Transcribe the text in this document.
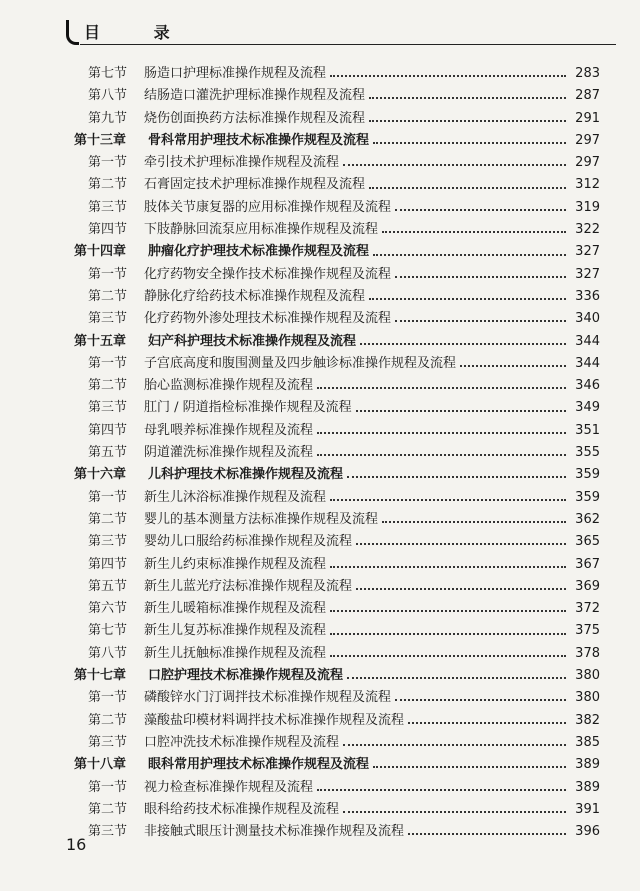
目 录
第七节	肠造口护理标准操作规程及流程	283
第八节	结肠造口灌洗护理标准操作规程及流程	287
第九节	烧伤创面换药方法标准操作规程及流程	291
第十三章	骨科常用护理技术标准操作规程及流程	297
第一节	牵引技术护理标准操作规程及流程	297
第二节	石膏固定技术护理标准操作规程及流程	312
第三节	肢体关节康复器的应用标准操作规程及流程	319
第四节	下肢静脉回流泵应用标准操作规程及流程	322
第十四章	肿瘤化疗护理技术标准操作规程及流程	327
第一节	化疗药物安全操作技术标准操作规程及流程	327
第二节	静脉化疗给药技术标准操作规程及流程	336
第三节	化疗药物外渗处理技术标准操作规程及流程	340
第十五章	妇产科护理技术标准操作规程及流程	344
第一节	子宫底高度和腹围测量及四步触诊标准操作规程及流程	344
第二节	胎心监测标准操作规程及流程	346
第三节	肛门 / 阴道指检标准操作规程及流程	349
第四节	母乳喂养标准操作规程及流程	351
第五节	阴道灌洗标准操作规程及流程	355
第十六章	儿科护理技术标准操作规程及流程	359
第一节	新生儿沐浴标准操作规程及流程	359
第二节	婴儿的基本测量方法标准操作规程及流程	362
第三节	婴幼儿口服给药标准操作规程及流程	365
第四节	新生儿约束标准操作规程及流程	367
第五节	新生儿蓝光疗法标准操作规程及流程	369
第六节	新生儿暖箱标准操作规程及流程	372
第七节	新生儿复苏标准操作规程及流程	375
第八节	新生儿抚触标准操作规程及流程	378
第十七章	口腔护理技术标准操作规程及流程	380
第一节	磷酸锌水门汀调拌技术标准操作规程及流程	380
第二节	藻酸盐印模材料调拌技术标准操作规程及流程	382
第三节	口腔冲洗技术标准操作规程及流程	385
第十八章	眼科常用护理技术标准操作规程及流程	389
第一节	视力检查标准操作规程及流程	389
第二节	眼科给药技术标准操作规程及流程	391
第三节	非接触式眼压计测量技术标准操作规程及流程	396
16
